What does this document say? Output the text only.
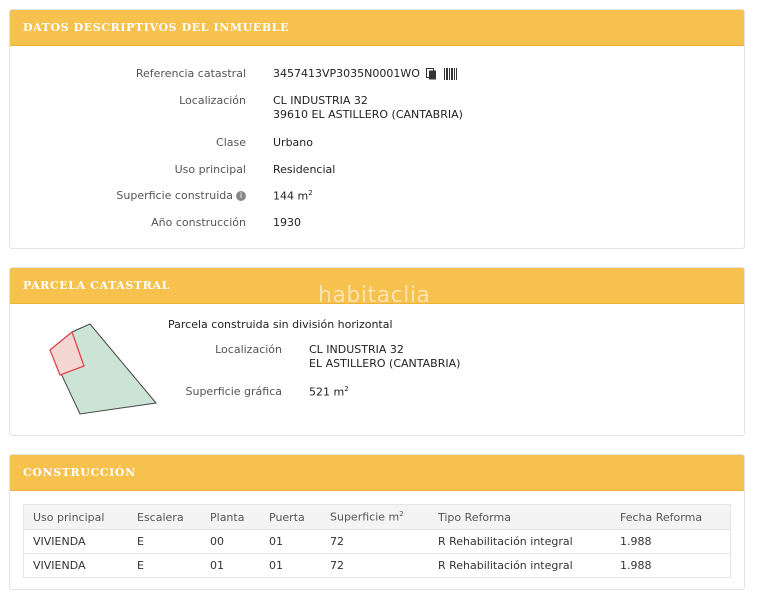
DATOS DESCRIPTIVOS DEL INMUEBLE
Referencia catastral 3457413VP3035N0001WO
Localización CL INDUSTRIA 32
39610 EL ASTILLERO (CANTABRIA)
Clase Urbano
Uso principal Residencial
Superficie construida i	144 $m^2$
Año construcción 1930
PARCELA CATASTRAL
Parcela construida sin división horizontal
Localización CL INDUSTRIA 32
EL ASTILLERO (CANTABRIA)
Superficie gráfica 521 $m^2$
habitaclia
CONSTRUCCIÓN
Uso principal	Escalera	Planta	Puerta	Superficie $m^2$	Tipo Reforma	Fecha Reforma
VIVIENDA	E	00	01	72	R Rehabilitación integral	1.988
VIVIENDA	E	01	01	72	R Rehabilitación integral	1.988
